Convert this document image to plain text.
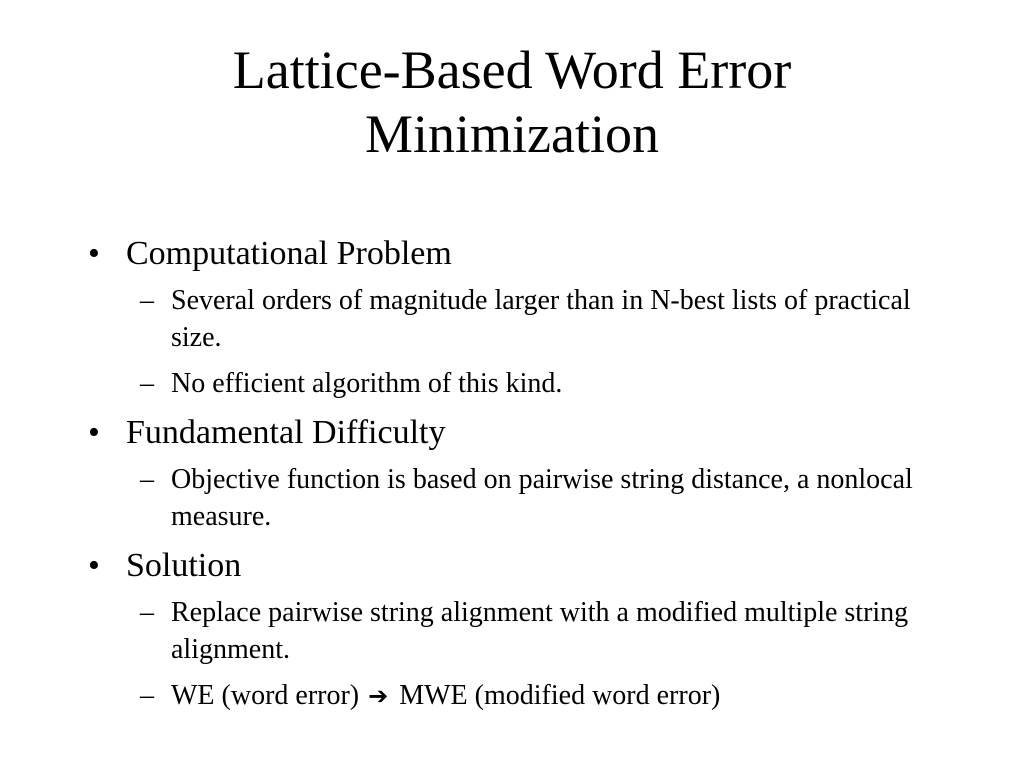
Lattice-Based Word Error
Minimization
• Computational Problem
– Several orders of magnitude larger than in N-best lists of practical size.
– No efficient algorithm of this kind.
• Fundamental Difficulty
– Objective function is based on pairwise string distance, a nonlocal measure.
• Solution
– Replace pairwise string alignment with a modified multiple string alignment.
– WE (word error) ➔ MWE (modified word error)
